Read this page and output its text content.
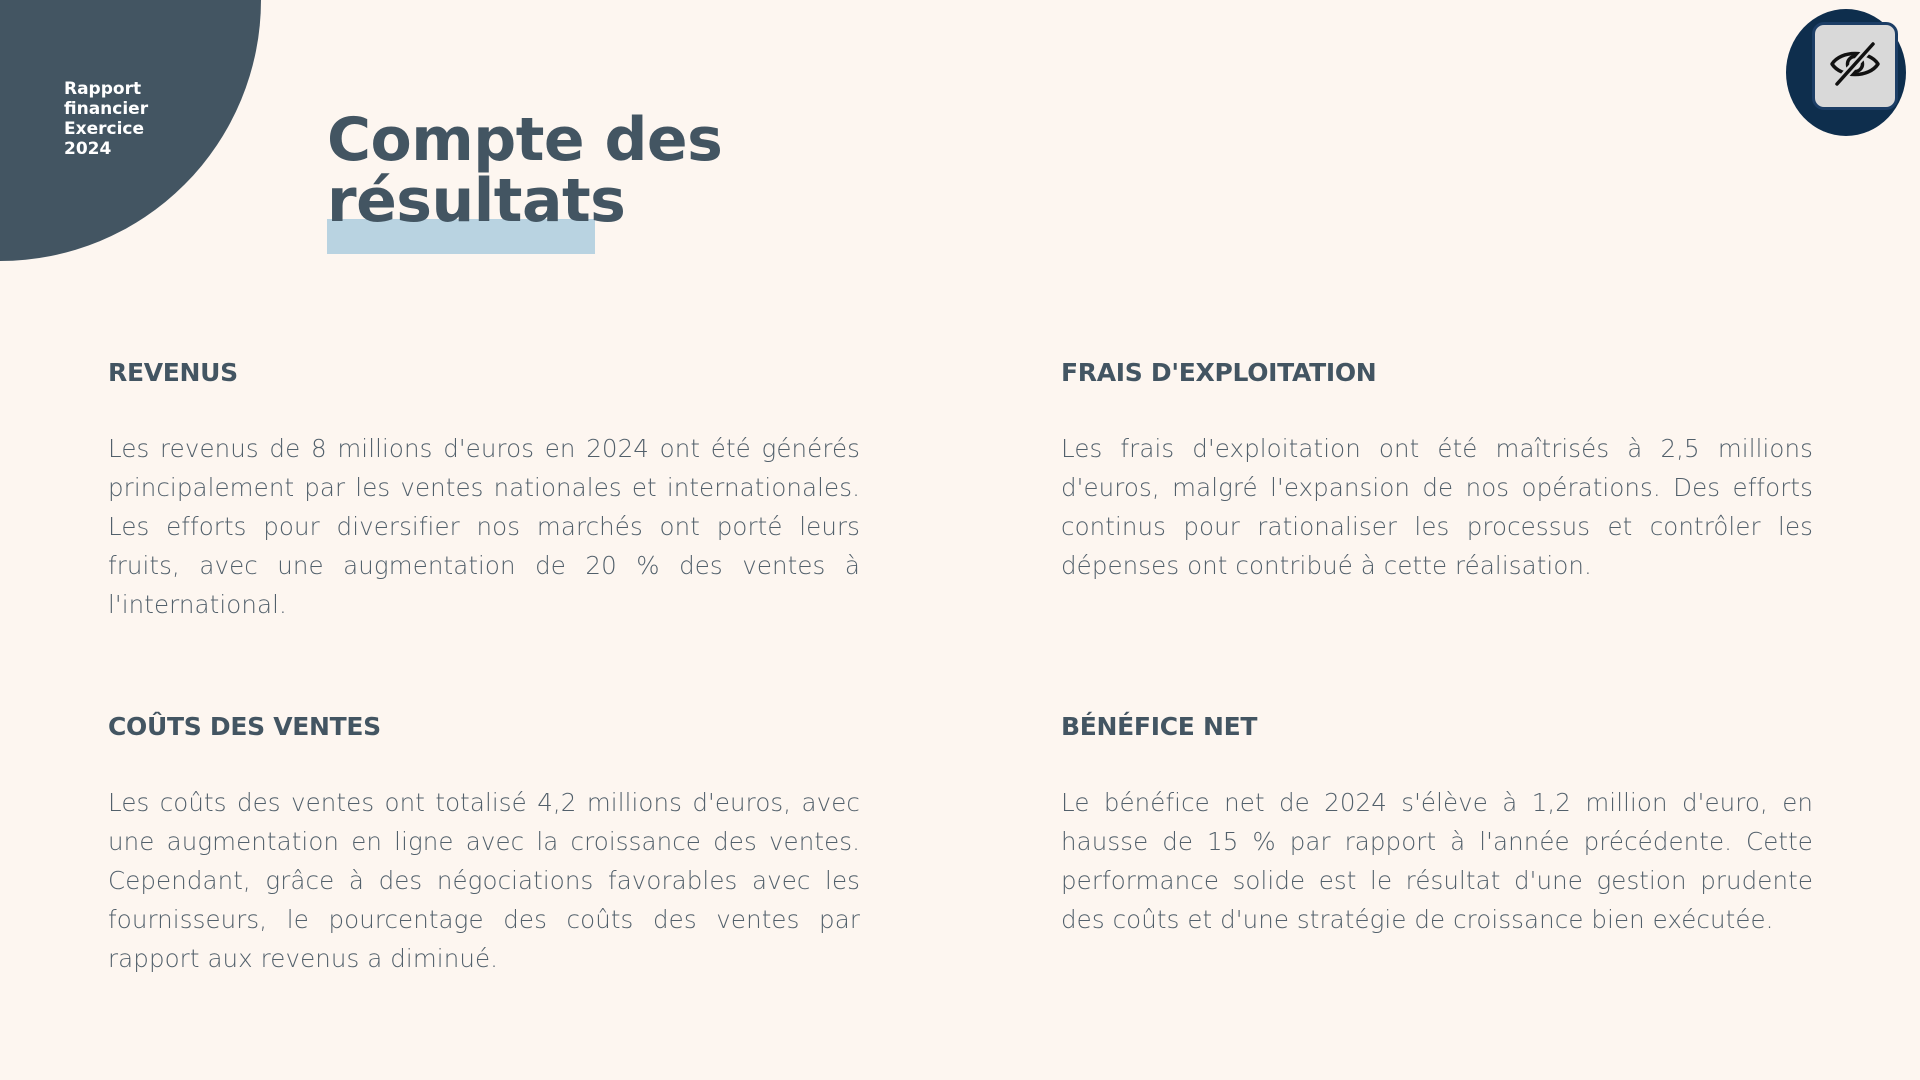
Rapport
financier
Exercice
2024	Compte des
résultats
REVENUS

Les revenus de 8 millions d'euros en 2024 ont été générés principalement par les ventes nationales et internationales. Les efforts pour diversifier nos marchés ont porté leurs fruits, avec une augmentation de 20 % des ventes à l'international.

FRAIS D'EXPLOITATION

Les frais d'exploitation ont été maîtrisés à 2,5 millions d'euros, malgré l'expansion de nos opérations. Des efforts continus pour rationaliser les processus et contrôler les dépenses ont contribué à cette réalisation.

COÛTS DES VENTES

Les coûts des ventes ont totalisé 4,2 millions d'euros, avec une augmentation en ligne avec la croissance des ventes. Cependant, grâce à des négociations favorables avec les fournisseurs, le pourcentage des coûts des ventes par rapport aux revenus a diminué.

BÉNÉFICE NET

Le bénéfice net de 2024 s'élève à 1,2 million d'euro, en hausse de 15 % par rapport à l'année précédente. Cette performance solide est le résultat d'une gestion prudente des coûts et d'une stratégie de croissance bien exécutée.
